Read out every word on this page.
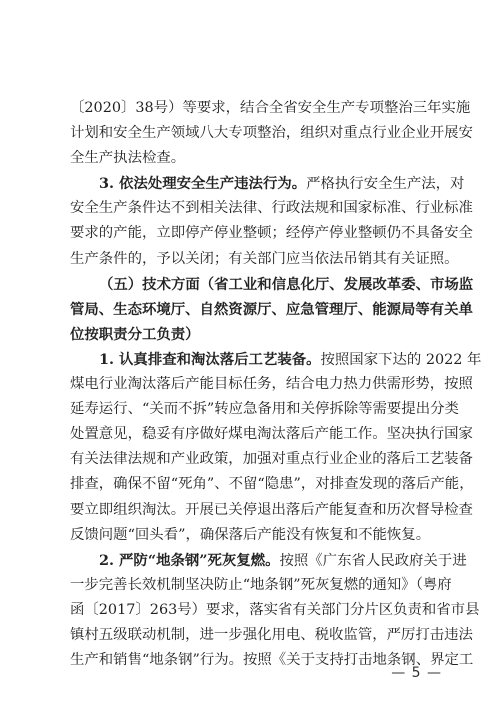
〔2020〕38号）等要求，结合全省安全生产专项整治三年实施
计划和安全生产领域八大专项整治，组织对重点行业企业开展安
全生产执法检查。
3. 依法处理安全生产违法行为。严格执行安全生产法，对
安全生产条件达不到相关法律、行政法规和国家标准、行业标准
要求的产能，立即停产停业整顿；经停产停业整顿仍不具备安全
生产条件的，予以关闭；有关部门应当依法吊销其有关证照。
（五）技术方面（省工业和信息化厅、发展改革委、市场监
管局、生态环境厅、自然资源厅、应急管理厅、能源局等有关单
位按职责分工负责）
1. 认真排查和淘汰落后工艺装备。按照国家下达的 2022 年
煤电行业淘汰落后产能目标任务，结合电力热力供需形势，按照
延寿运行、“关而不拆”转应急备用和关停拆除等需要提出分类
处置意见，稳妥有序做好煤电淘汰落后产能工作。坚决执行国家
有关法律法规和产业政策，加强对重点行业企业的落后工艺装备
排查，确保不留“死角”、不留“隐患”，对排查发现的落后产能，
要立即组织淘汰。开展已关停退出落后产能复查和历次督导检查
反馈问题“回头看”，确保落后产能没有恢复和不能恢复。
2. 严防“地条钢”死灰复燃。按照《广东省人民政府关于进
一步完善长效机制坚决防止“地条钢”死灰复燃的通知》（粤府
函〔2017〕263号）要求，落实省有关部门分片区负责和省市县
镇村五级联动机制，进一步强化用电、税收监管，严厉打击违法
生产和销售“地条钢”行为。按照《关于支持打击地条钢、界定工
— 5 —
